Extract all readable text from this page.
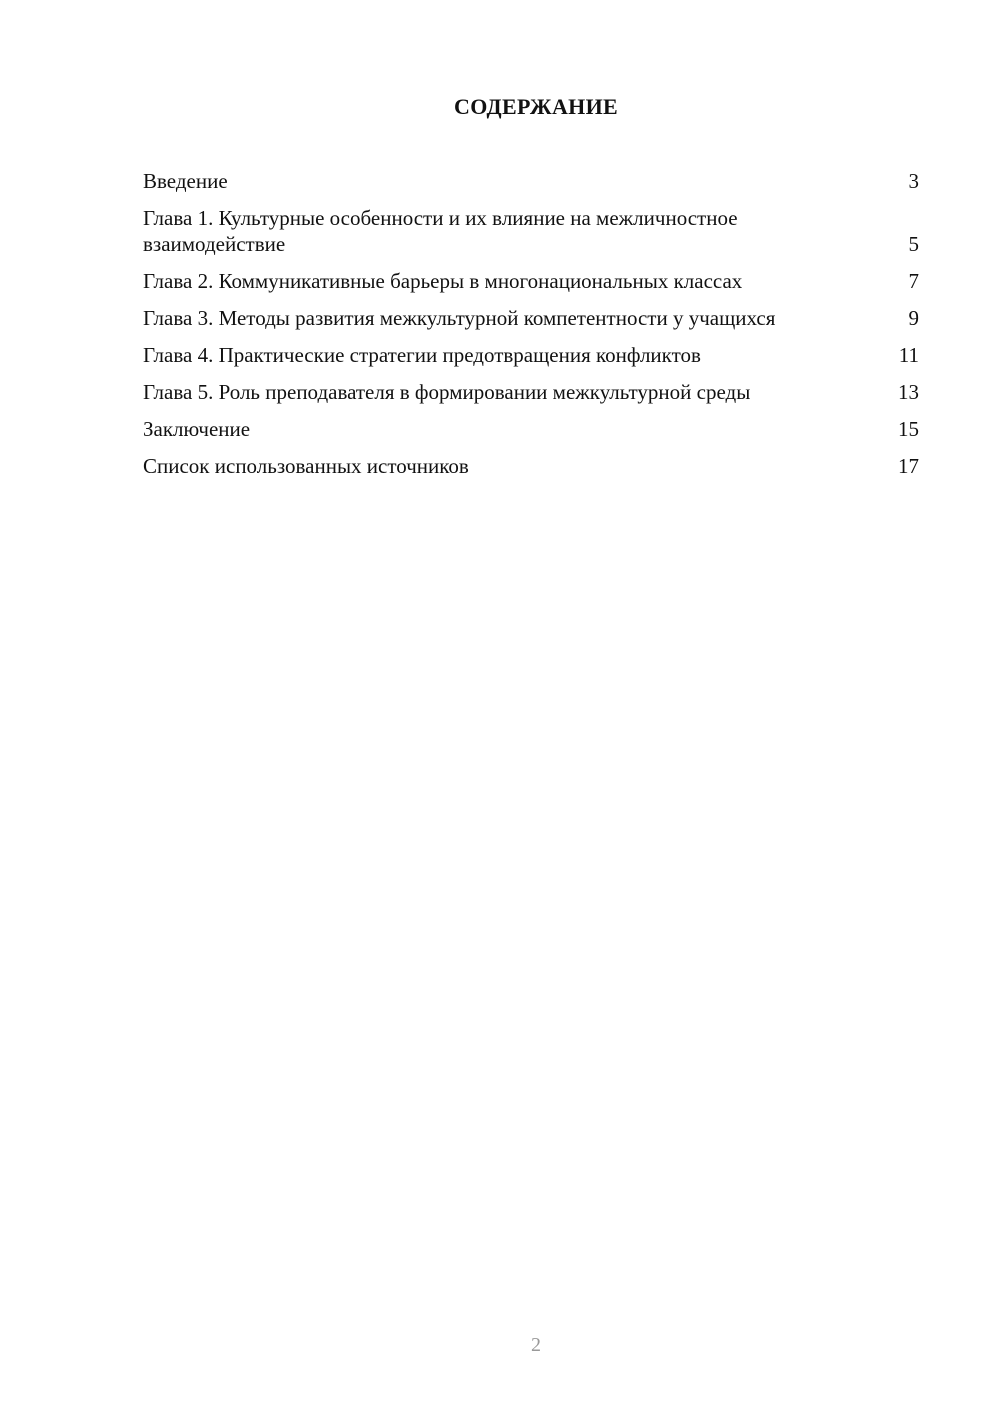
СОДЕРЖАНИЕ
Введение	3
Глава 1. Культурные особенности и их влияние на межличностное взаимодействие	5
Глава 2. Коммуникативные барьеры в многонациональных классах	7
Глава 3. Методы развития межкультурной компетентности у учащихся	9
Глава 4. Практические стратегии предотвращения конфликтов	11
Глава 5. Роль преподавателя в формировании межкультурной среды	13
Заключение	15
Список использованных источников	17
2
